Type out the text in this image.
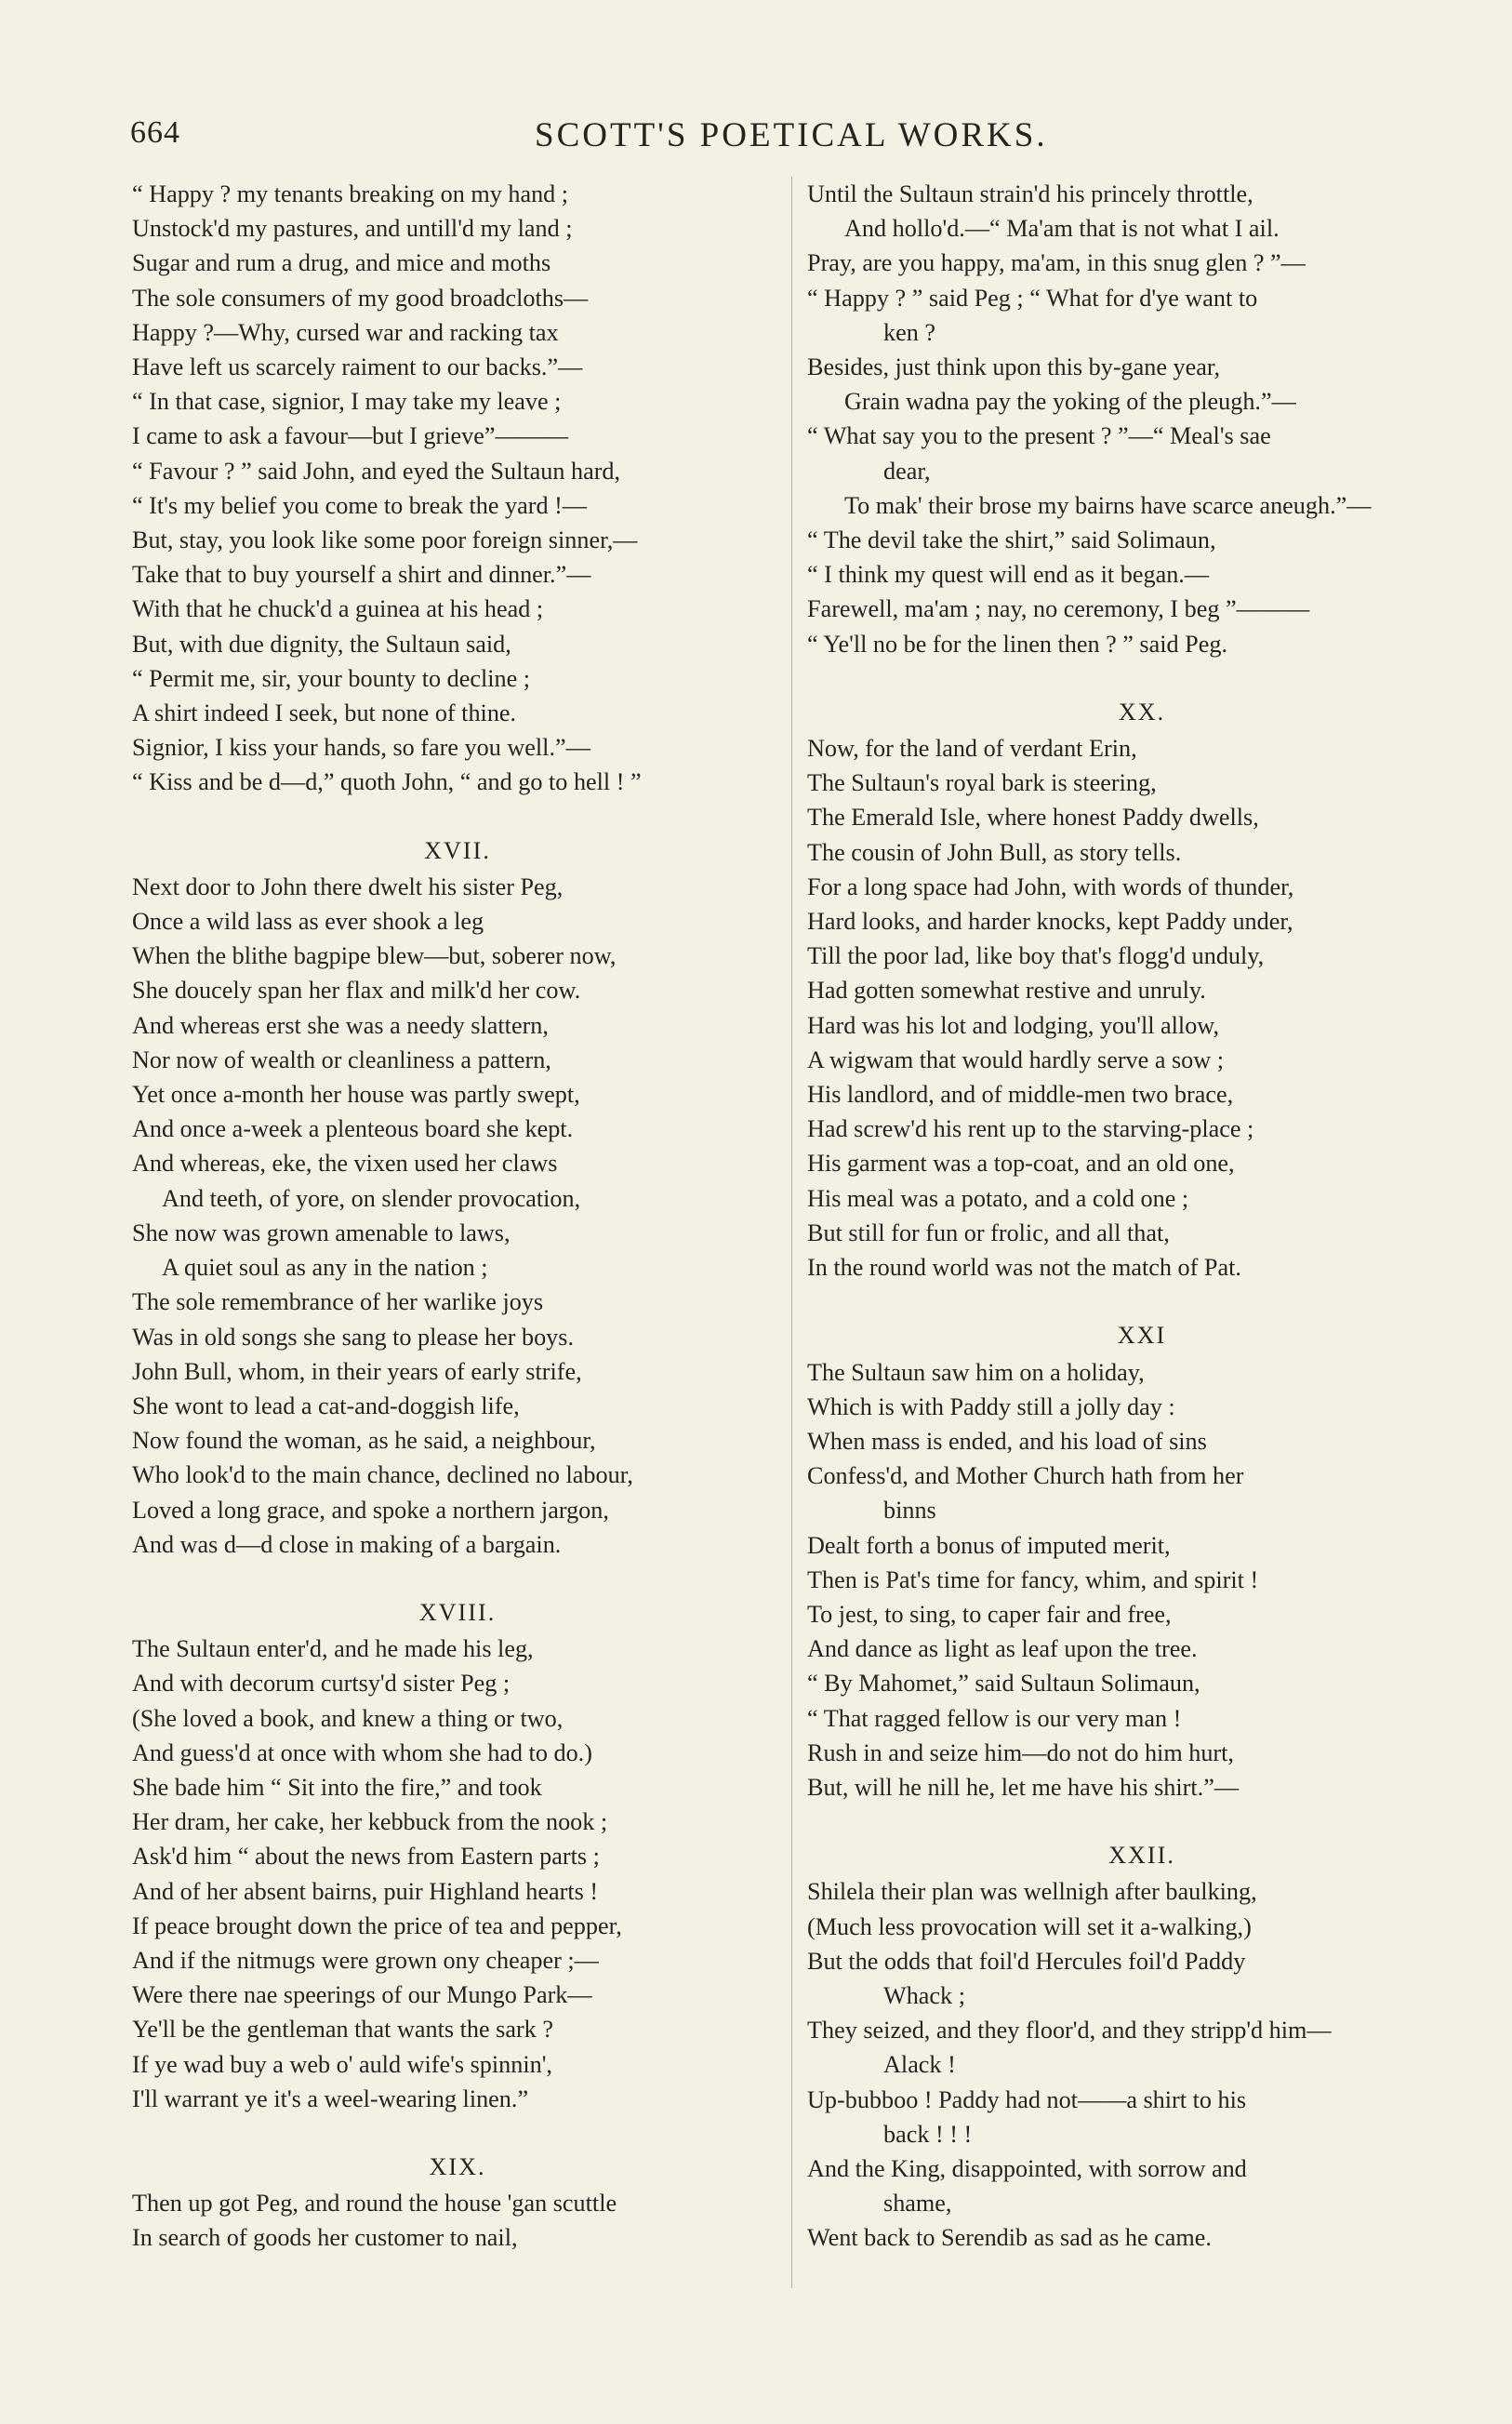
664	SCOTT'S POETICAL WORKS.
“ Happy ? my tenants breaking on my hand ;
Unstock'd my pastures, and untill'd my land ;
Sugar and rum a drug, and mice and moths
The sole consumers of my good broadcloths—
Happy ?—Why, cursed war and racking tax
Have left us scarcely raiment to our backs.”—
“ In that case, signior, I may take my leave ;
I came to ask a favour—but I grieve”———
“ Favour ? ” said John, and eyed the Sultaun hard,
“ It's my belief you come to break the yard !—
But, stay, you look like some poor foreign sinner,—
Take that to buy yourself a shirt and dinner.”—
With that he chuck'd a guinea at his head ;
But, with due dignity, the Sultaun said,
“ Permit me, sir, your bounty to decline ;
A shirt indeed I seek, but none of thine.
Signior, I kiss your hands, so fare you well.”—
“ Kiss and be d—d,” quoth John, “ and go to hell ! ”
XVII.
Next door to John there dwelt his sister Peg,
Once a wild lass as ever shook a leg
When the blithe bagpipe blew—but, soberer now,
She doucely span her flax and milk'd her cow.
And whereas erst she was a needy slattern,
Nor now of wealth or cleanliness a pattern,
Yet once a-month her house was partly swept,
And once a-week a plenteous board she kept.
And whereas, eke, the vixen used her claws
And teeth, of yore, on slender provocation,
She now was grown amenable to laws,
A quiet soul as any in the nation ;
The sole remembrance of her warlike joys
Was in old songs she sang to please her boys.
John Bull, whom, in their years of early strife,
She wont to lead a cat-and-doggish life,
Now found the woman, as he said, a neighbour,
Who look'd to the main chance, declined no labour,
Loved a long grace, and spoke a northern jargon,
And was d—d close in making of a bargain.
XVIII.
The Sultaun enter'd, and he made his leg,
And with decorum curtsy'd sister Peg ;
(She loved a book, and knew a thing or two,
And guess'd at once with whom she had to do.)
She bade him “ Sit into the fire,” and took
Her dram, her cake, her kebbuck from the nook ;
Ask'd him “ about the news from Eastern parts ;
And of her absent bairns, puir Highland hearts !
If peace brought down the price of tea and pepper,
And if the nitmugs were grown ony cheaper ;—
Were there nae speerings of our Mungo Park—
Ye'll be the gentleman that wants the sark ?
If ye wad buy a web o' auld wife's spinnin',
I'll warrant ye it's a weel-wearing linen.”
XIX.
Then up got Peg, and round the house 'gan scuttle
In search of goods her customer to nail,
Until the Sultaun strain'd his princely throttle,
And hollo'd.—“ Ma'am that is not what I ail.
Pray, are you happy, ma'am, in this snug glen ? ”—
“ Happy ? ” said Peg ; “ What for d'ye want to
ken ?
Besides, just think upon this by-gane year,
Grain wadna pay the yoking of the pleugh.”—
“ What say you to the present ? ”—“ Meal's sae
dear,
To mak' their brose my bairns have scarce aneugh.”—
“ The devil take the shirt,” said Solimaun,
“ I think my quest will end as it began.—
Farewell, ma'am ; nay, no ceremony, I beg ”———
“ Ye'll no be for the linen then ? ” said Peg.
XX.
Now, for the land of verdant Erin,
The Sultaun's royal bark is steering,
The Emerald Isle, where honest Paddy dwells,
The cousin of John Bull, as story tells.
For a long space had John, with words of thunder,
Hard looks, and harder knocks, kept Paddy under,
Till the poor lad, like boy that's flogg'd unduly,
Had gotten somewhat restive and unruly.
Hard was his lot and lodging, you'll allow,
A wigwam that would hardly serve a sow ;
His landlord, and of middle-men two brace,
Had screw'd his rent up to the starving-place ;
His garment was a top-coat, and an old one,
His meal was a potato, and a cold one ;
But still for fun or frolic, and all that,
In the round world was not the match of Pat.
XXI
The Sultaun saw him on a holiday,
Which is with Paddy still a jolly day :
When mass is ended, and his load of sins
Confess'd, and Mother Church hath from her
binns
Dealt forth a bonus of imputed merit,
Then is Pat's time for fancy, whim, and spirit !
To jest, to sing, to caper fair and free,
And dance as light as leaf upon the tree.
“ By Mahomet,” said Sultaun Solimaun,
“ That ragged fellow is our very man !
Rush in and seize him—do not do him hurt,
But, will he nill he, let me have his shirt.”—
XXII.
Shilela their plan was wellnigh after baulking,
(Much less provocation will set it a-walking,)
But the odds that foil'd Hercules foil'd Paddy
Whack ;
They seized, and they floor'd, and they stripp'd him—
Alack !
Up-bubboo ! Paddy had not——a shirt to his
back ! ! !
And the King, disappointed, with sorrow and
shame,
Went back to Serendib as sad as he came.
